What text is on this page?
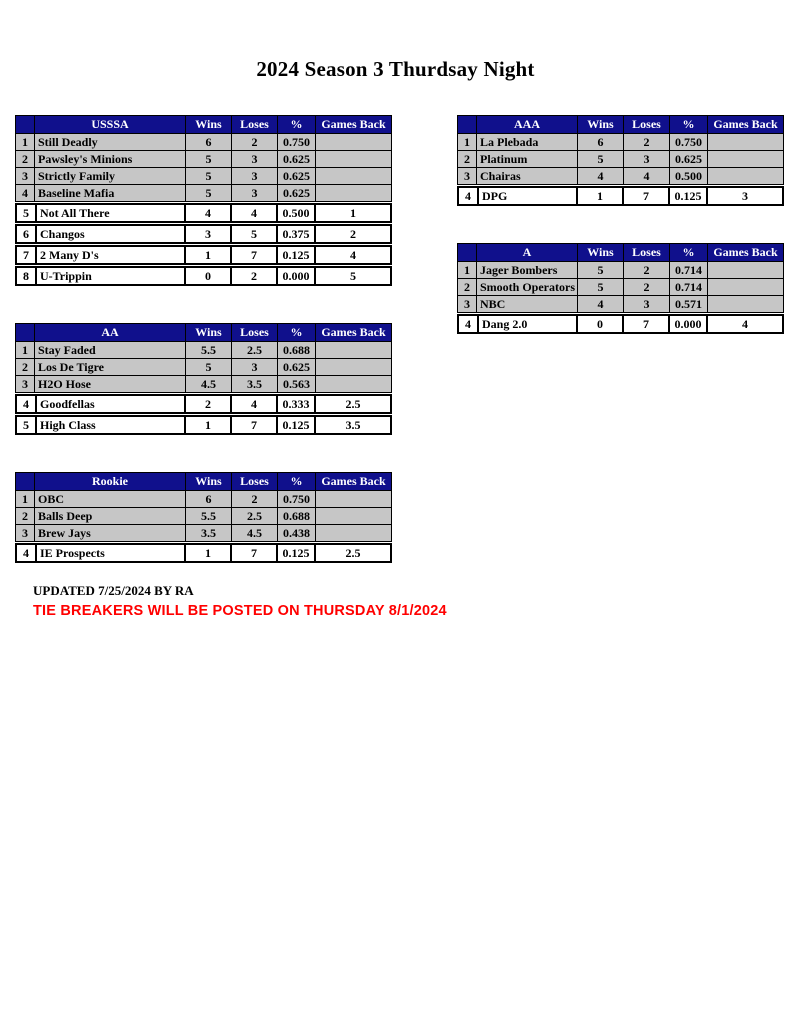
2024 Season 3 Thurdsay Night
USSSA	Wins	Loses	%	Games Back
1 Still Deadly	6	2	0.750
2 Pawsley's Minions	5	3	0.625
3 Strictly Family	5	3	0.625
4 Baseline Mafia	5	3	0.625
5 Not All There	4	4	0.500	1
6 Changos	3	5	0.375	2
7 2 Many D's	1	7	0.125	4
8 U-Trippin	0	2	0.000	5
AA	Wins	Loses	%	Games Back
1 Stay Faded	5.5	2.5	0.688
2 Los De Tigre	5	3	0.625
3 H2O Hose	4.5	3.5	0.563
4 Goodfellas	2	4	0.333	2.5
5 High Class	1	7	0.125	3.5
Rookie	Wins	Loses	%	Games Back
1 OBC	6	2	0.750
2 Balls Deep	5.5	2.5	0.688
3 Brew Jays	3.5	4.5	0.438
4 IE Prospects	1	7	0.125	2.5
AAA	Wins	Loses	%	Games Back
1 La Plebada	6	2	0.750
2 Platinum	5	3	0.625
3 Chairas	4	4	0.500
4 DPG	1	7	0.125	3
A	Wins	Loses	%	Games Back
1 Jager Bombers	5	2	0.714
2 Smooth Operators	5	2	0.714
3 NBC	4	3	0.571
4 Dang 2.0	0	7	0.000	4
UPDATED 7/25/2024 BY RA
TIE BREAKERS WILL BE POSTED ON THURSDAY 8/1/2024
